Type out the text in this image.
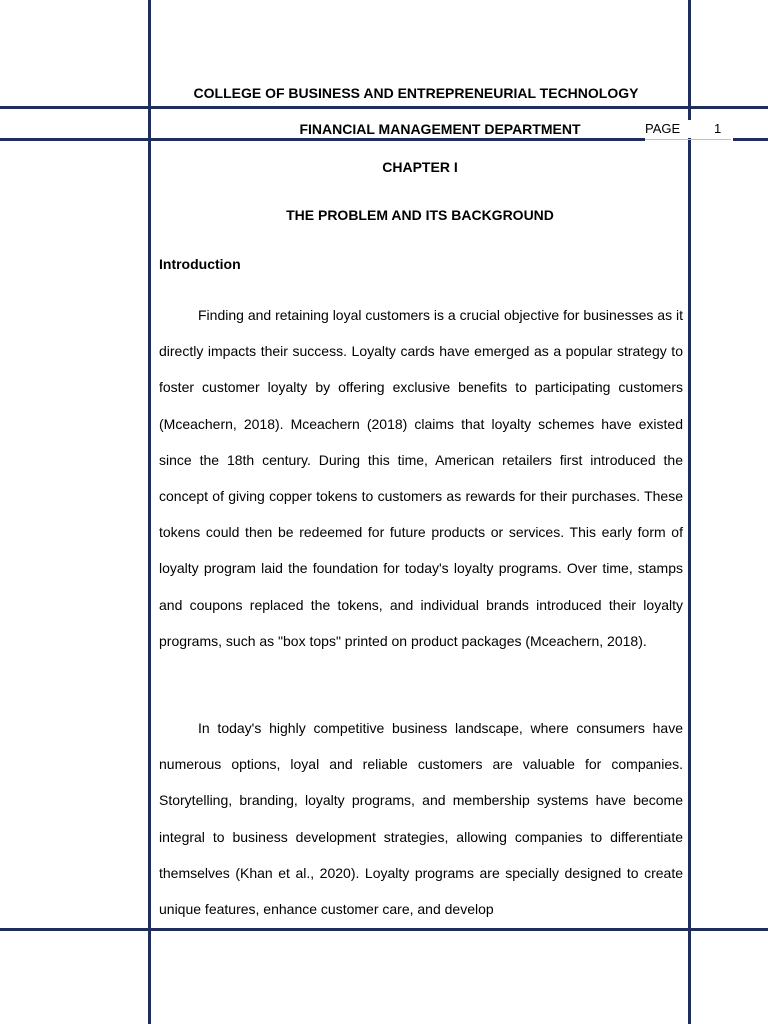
COLLEGE OF BUSINESS AND ENTREPRENEURIAL TECHNOLOGY
FINANCIAL MANAGEMENT DEPARTMENT	PAGE	1
CHAPTER I
THE PROBLEM AND ITS BACKGROUND
Introduction

Finding and retaining loyal customers is a crucial objective for businesses as it directly impacts their success. Loyalty cards have emerged as a popular strategy to foster customer loyalty by offering exclusive benefits to participating customers (Mceachern, 2018). Mceachern (2018) claims that loyalty schemes have existed since the 18th century. During this time, American retailers first introduced the concept of giving copper tokens to customers as rewards for their purchases. These tokens could then be redeemed for future products or services. This early form of loyalty program laid the foundation for today's loyalty programs. Over time, stamps and coupons replaced the tokens, and individual brands introduced their loyalty programs, such as "box tops" printed on product packages (Mceachern, 2018).

In today's highly competitive business landscape, where consumers have numerous options, loyal and reliable customers are valuable for companies. Storytelling, branding, loyalty programs, and membership systems have become integral to business development strategies, allowing companies to differentiate themselves (Khan et al., 2020). Loyalty programs are specially designed to create unique features, enhance customer care, and develop
